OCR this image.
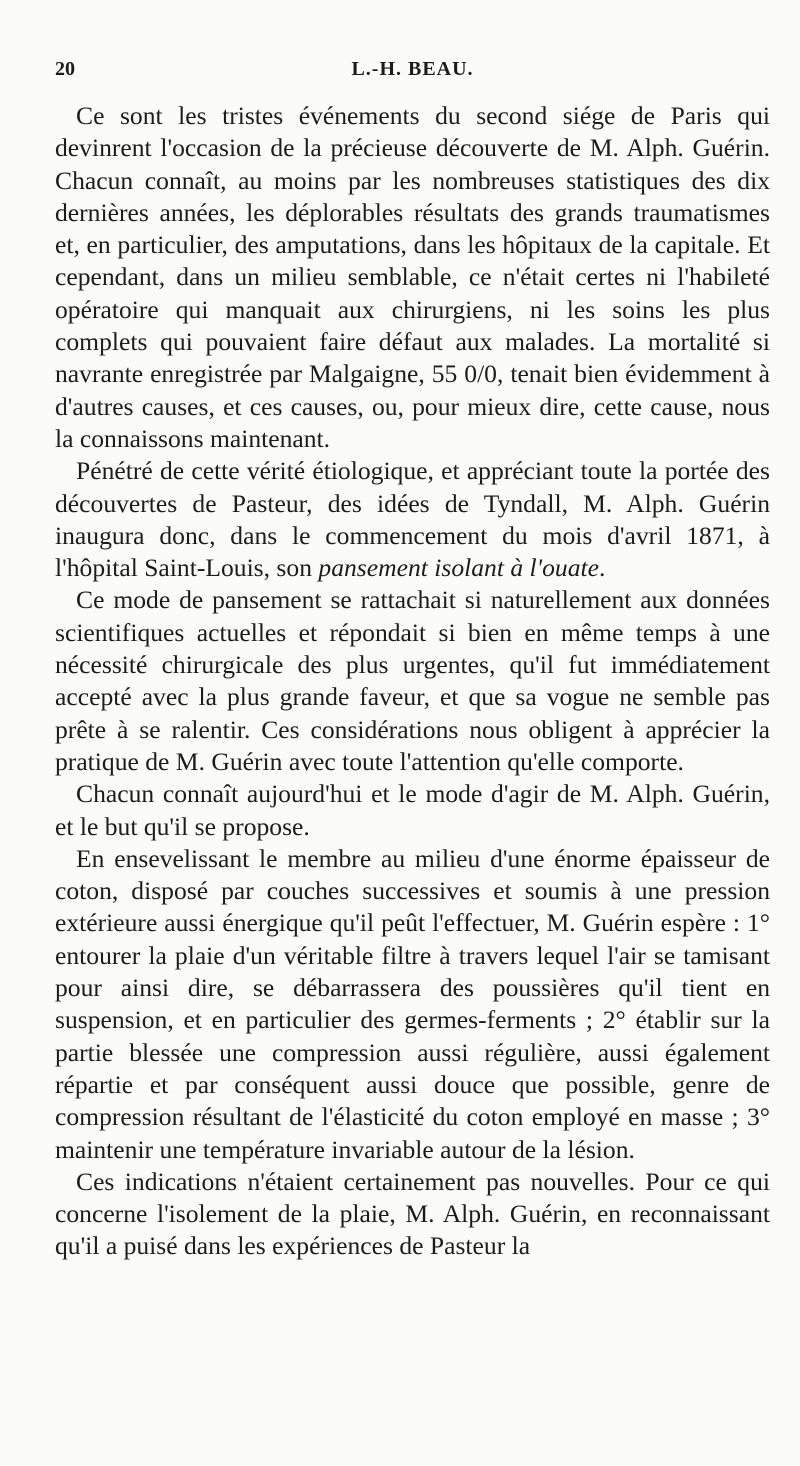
20	L.-H. BEAU.

Ce sont les tristes événements du second siége de Paris qui devinrent l'occasion de la précieuse découverte de M. Alph. Guérin. Chacun connaît, au moins par les nombreuses statistiques des dix dernières années, les déplorables résultats des grands traumatismes et, en particulier, des amputations, dans les hôpitaux de la capitale. Et cependant, dans un milieu semblable, ce n'était certes ni l'habileté opératoire qui manquait aux chirurgiens, ni les soins les plus complets qui pouvaient faire défaut aux malades. La mortalité si navrante enregistrée par Malgaigne, 55 0/0, tenait bien évidemment à d'autres causes, et ces causes, ou, pour mieux dire, cette cause, nous la connaissons maintenant.

Pénétré de cette vérité étiologique, et appréciant toute la portée des découvertes de Pasteur, des idées de Tyndall, M. Alph. Guérin inaugura donc, dans le commencement du mois d'avril 1871, à l'hôpital Saint-Louis, son pansement isolant à l'ouate.

Ce mode de pansement se rattachait si naturellement aux données scientifiques actuelles et répondait si bien en même temps à une nécessité chirurgicale des plus urgentes, qu'il fut immédiatement accepté avec la plus grande faveur, et que sa vogue ne semble pas prête à se ralentir. Ces considérations nous obligent à apprécier la pratique de M. Guérin avec toute l'attention qu'elle comporte.

Chacun connaît aujourd'hui et le mode d'agir de M. Alph. Guérin, et le but qu'il se propose.

En ensevelissant le membre au milieu d'une énorme épaisseur de coton, disposé par couches successives et soumis à une pression extérieure aussi énergique qu'il peût l'effectuer, M. Guérin espère : 1° entourer la plaie d'un véritable filtre à travers lequel l'air se tamisant pour ainsi dire, se débarrassera des poussières qu'il tient en suspension, et en particulier des germes-ferments ; 2° établir sur la partie blessée une compression aussi régulière, aussi également répartie et par conséquent aussi douce que possible, genre de compression résultant de l'élasticité du coton employé en masse ; 3° maintenir une température invariable autour de la lésion.

Ces indications n'étaient certainement pas nouvelles. Pour ce qui concerne l'isolement de la plaie, M. Alph. Guérin, en reconnaissant qu'il a puisé dans les expériences de Pasteur la
